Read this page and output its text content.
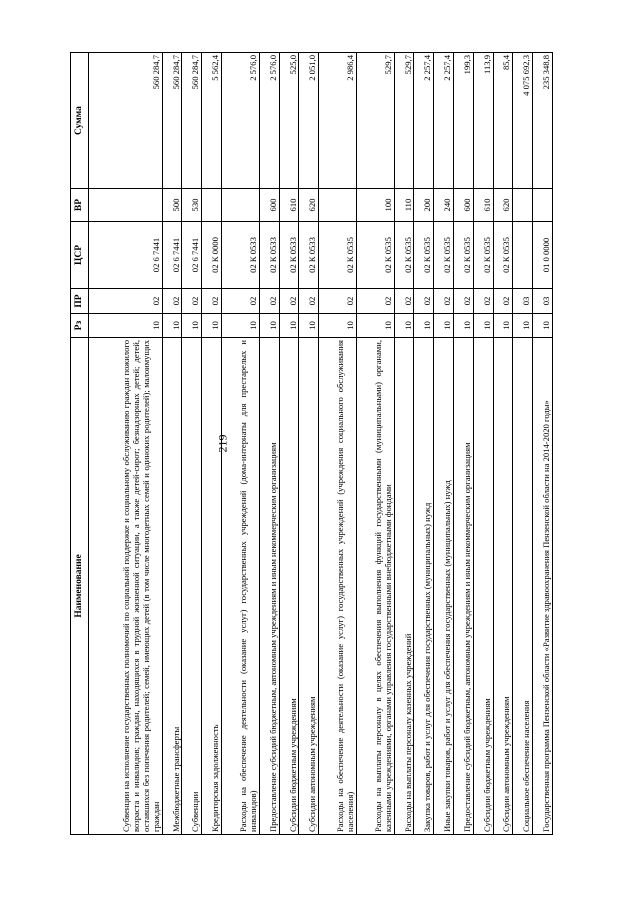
219
Наименование	Рз	ПР	ЦСР	ВР	Сумма
Субвенции на исполнение государственных полномочий по социальной поддержке и социальному обслуживанию граждан пожилого возраста и инвалидов; граждан, находящихся в трудной жизненной ситуации, а также детей-сирот; безнадзорных детей; детей, оставшихся без попечения родителей; семей, имеющих детей (в том числе многодетных семей и одиноких родителей); малоимущих граждан	10	02	02 6 7441		560 284,7
Межбюджетные трансферты	10	02	02 6 7441	500	560 284,7
Субвенции	10	02	02 6 7441	530	560 284,7
Кредиторская задолженность	10	02	02 К 0000		5 562,4
Расходы на обеспечение деятельности (оказание услуг) государственных учреждений (дома-интернаты для престарелых и инвалидов)	10	02	02 К 0533		2 576,0
Предоставление субсидий бюджетным, автономным учреждениям и иным некоммерческим организациям	10	02	02 К 0533	600	2 576,0
Субсидии бюджетным учреждениям	10	02	02 К 0533	610	525,0
Субсидии автономным учреждениям	10	02	02 К 0533	620	2 051,0
Расходы на обеспечение деятельности (оказание услуг) государственных учреждений (учреждения социального обслуживания населения)	10	02	02 К 0535		2 986,4
Расходы на выплаты персоналу в целях обеспечения выполнения функций государственными (муниципальными) органами, казенными учреждениями, органами управления государственными внебюджетными фондами	10	02	02 К 0535	100	529,7
Расходы на выплаты персоналу казенных учреждений	10	02	02 К 0535	110	529,7
Закупка товаров, работ и услуг для обеспечения государственных (муниципальных) нужд	10	02	02 К 0535	200	2 257,4
Иные закупки товаров, работ и услуг для обеспечения государственных (муниципальных) нужд	10	02	02 К 0535	240	2 257,4
Предоставление субсидий бюджетным, автономным учреждениям и иным некоммерческим организациям	10	02	02 К 0535	600	199,3
Субсидии бюджетным учреждениям	10	02	02 К 0535	610	113,9
Субсидии автономным учреждениям	10	02	02 К 0535	620	85,4
Социальное обеспечение населения	10	03			4 075 692,3
Государственная программа Пензенской области «Развитие здравоохранения Пензенской области на 2014-2020 годы»	10	03	01 0 0000		235 348,8
